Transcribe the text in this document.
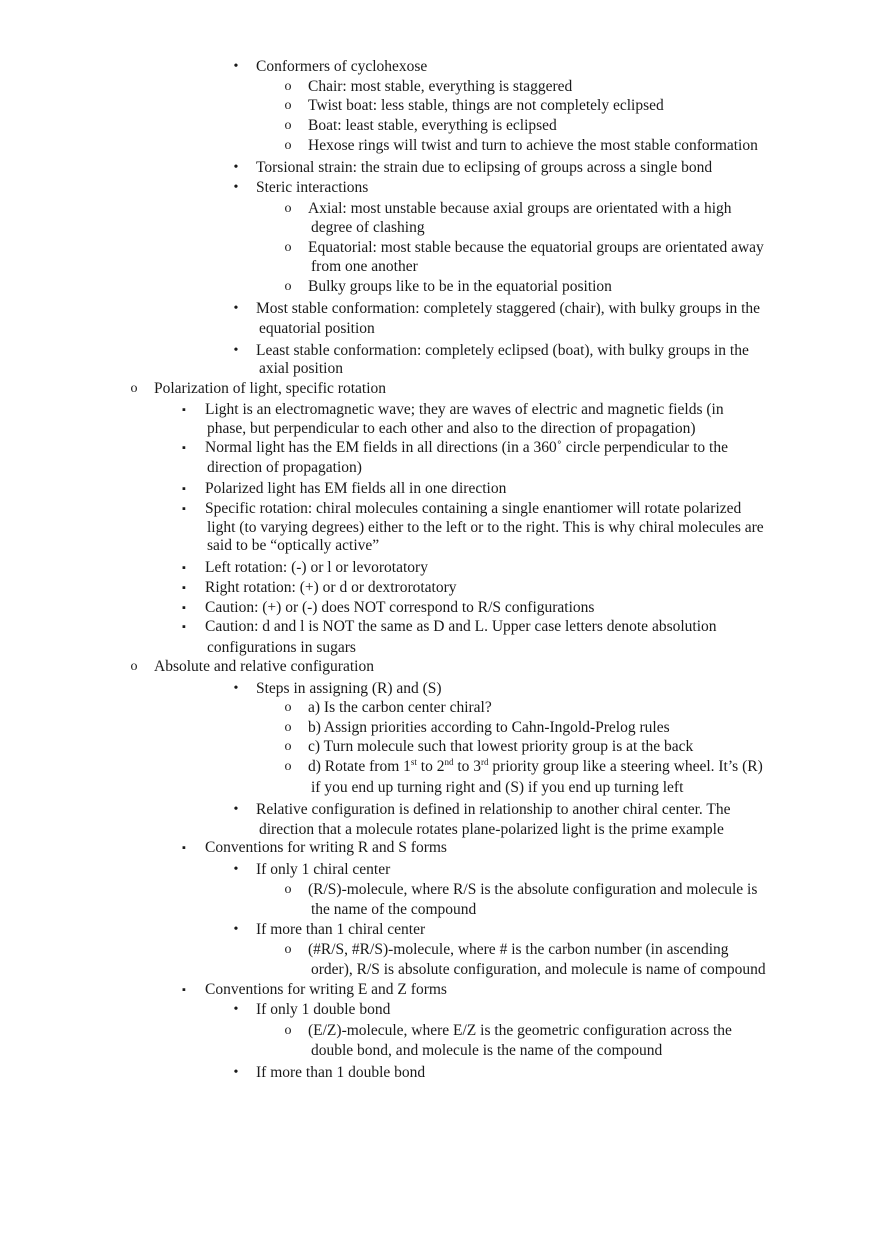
• Conformers of cyclohexose
o Chair: most stable, everything is staggered
o Twist boat: less stable, things are not completely eclipsed
o Boat: least stable, everything is eclipsed
o Hexose rings will twist and turn to achieve the most stable conformation
• Torsional strain: the strain due to eclipsing of groups across a single bond
• Steric interactions
o Axial: most unstable because axial groups are orientated with a high
degree of clashing
o Equatorial: most stable because the equatorial groups are orientated away
from one another
o Bulky groups like to be in the equatorial position
• Most stable conformation: completely staggered (chair), with bulky groups in the
equatorial position
• Least stable conformation: completely eclipsed (boat), with bulky groups in the
axial position
o Polarization of light, specific rotation
▪	Light is an electromagnetic wave; they are waves of electric and magnetic fields (in
phase, but perpendicular to each other and also to the direction of propagation)
▪	Normal light has the EM fields in all directions (in a 360˚ circle perpendicular to the
direction of propagation)
▪	Polarized light has EM fields all in one direction
▪	Specific rotation: chiral molecules containing a single enantiomer will rotate polarized
light (to varying degrees) either to the left or to the right. This is why chiral molecules are
said to be “optically active”
▪	Left rotation: (-) or l or levorotatory
▪	Right rotation: (+) or d or dextrorotatory
▪	Caution: (+) or (-) does NOT correspond to R/S configurations
▪	Caution: d and l is NOT the same as D and L. Upper case letters denote absolution
configurations in sugars
o Absolute and relative configuration
• Steps in assigning (R) and (S)
o a) Is the carbon center chiral?
o b) Assign priorities according to Cahn-Ingold-Prelog rules
o c) Turn molecule such that lowest priority group is at the back
o d) Rotate from 1st to 2nd to 3rd priority group like a steering wheel. It’s (R)
if you end up turning right and (S) if you end up turning left
• Relative configuration is defined in relationship to another chiral center. The
direction that a molecule rotates plane-polarized light is the prime example
▪	Conventions for writing R and S forms
• If only 1 chiral center
o (R/S)-molecule, where R/S is the absolute configuration and molecule is
the name of the compound
• If more than 1 chiral center
o (#R/S, #R/S)-molecule, where # is the carbon number (in ascending
order), R/S is absolute configuration, and molecule is name of compound
▪	Conventions for writing E and Z forms
• If only 1 double bond
o (E/Z)-molecule, where E/Z is the geometric configuration across the
double bond, and molecule is the name of the compound
• If more than 1 double bond
